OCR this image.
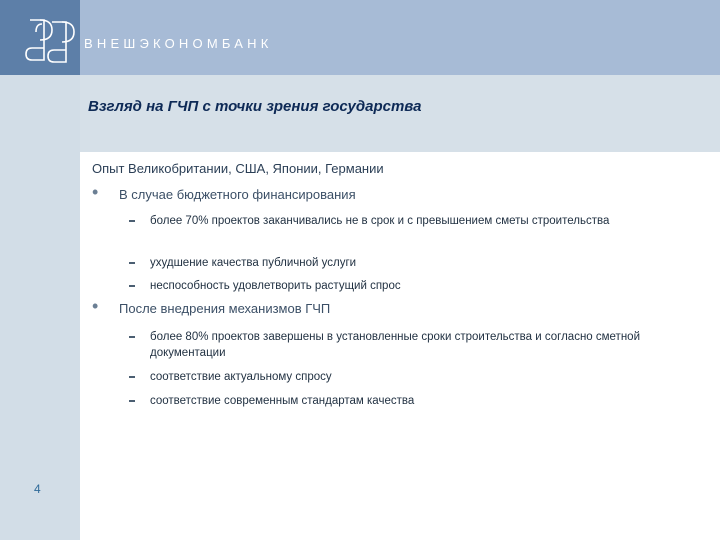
ВНЕШЭКОНОМБАНК
Взгляд на ГЧП с точки зрения государства
Опыт Великобритании, США, Японии, Германии
• В случае бюджетного финансирования
более 70% проектов заканчивались не в срок и с превышением сметы строительства
ухудшение качества публичной услуги
неспособность удовлетворить растущий спрос
• После внедрения механизмов ГЧП
более 80% проектов завершены в установленные сроки строительства и согласно сметной документации
соответствие актуальному спросу
соответствие современным стандартам качества
4
